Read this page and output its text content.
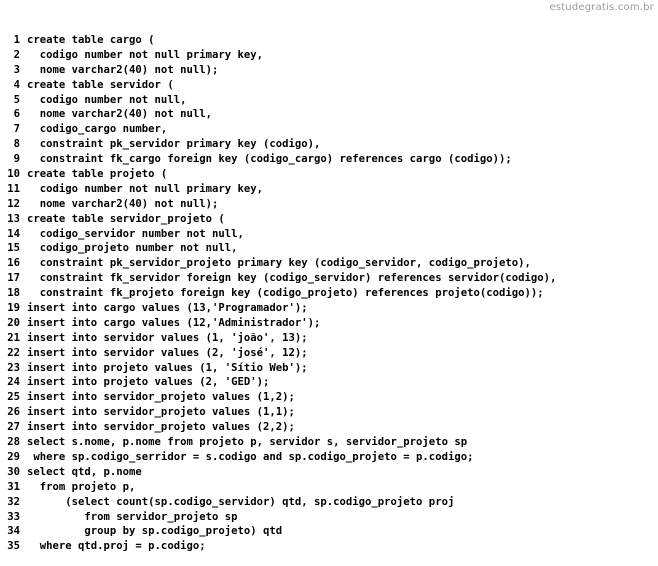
estudegratis.com.br
1 create table cargo (
2 codigo number not null primary key,
3 nome varchar2(40) not null);
4 create table servidor (
5 codigo number not null,
6 nome varchar2(40) not null,
7 codigo_cargo number,
8 constraint pk_servidor primary key (codigo),
9 constraint fk_cargo foreign key (codigo_cargo) references cargo (codigo));
10 create table projeto (
11 codigo number not null primary key,
12 nome varchar2(40) not null);
13 create table servidor_projeto (
14 codigo_servidor number not null,
15 codigo_projeto number not null,
16 constraint pk_servidor_projeto primary key (codigo_servidor, codigo_projeto),
17 constraint fk_servidor foreign key (codigo_servidor) references servidor(codigo),
18 constraint fk_projeto foreign key (codigo_projeto) references projeto(codigo));
19 insert into cargo values (13,'Programador');
20 insert into cargo values (12,'Administrador');
21 insert into servidor values (1, 'joão', 13);
22 insert into servidor values (2, 'josé', 12);
23 insert into projeto values (1, 'Sítio Web');
24 insert into projeto values (2, 'GED');
25 insert into servidor_projeto values (1,2);
26 insert into servidor_projeto values (1,1);
27 insert into servidor_projeto values (2,2);
28 select s.nome, p.nome from projeto p, servidor s, servidor_projeto sp
29 where sp.codigo_serridor = s.codigo and sp.codigo_projeto = p.codigo;
30 select qtd, p.nome
31 from projeto p,
32 (select count(sp.codigo_servidor) qtd, sp.codigo_projeto proj
33 from servidor_projeto sp
34 group by sp.codigo_projeto) qtd
35 where qtd.proj = p.codigo;
